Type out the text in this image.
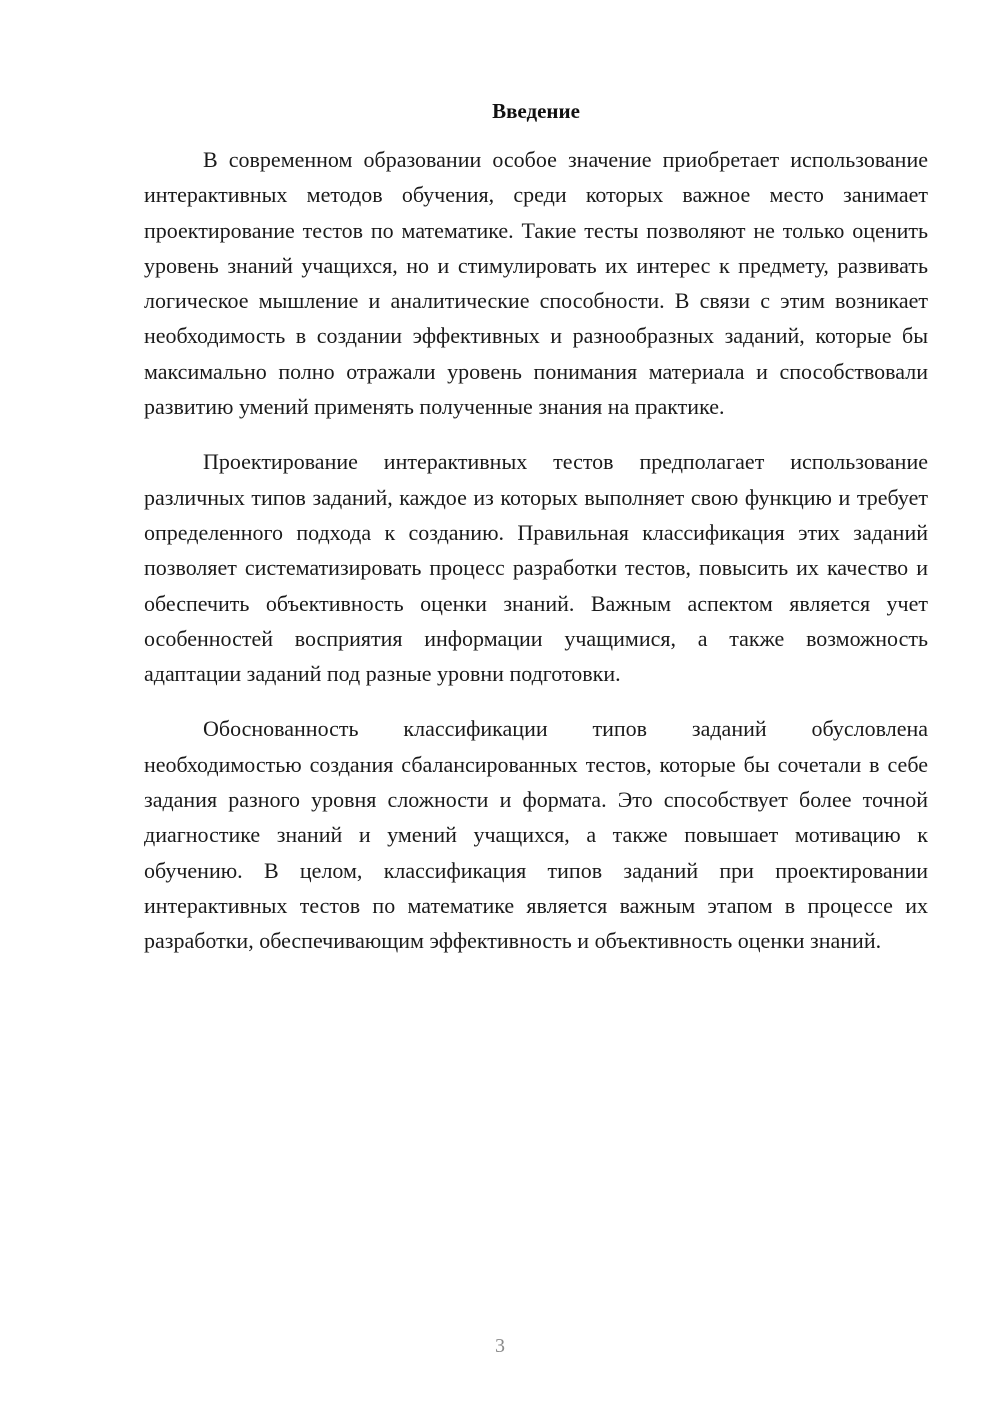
Введение

В современном образовании особое значение приобретает использование интерактивных методов обучения, среди которых важное место занимает проектирование тестов по математике. Такие тесты позволяют не только оценить уровень знаний учащихся, но и стимулировать их интерес к предмету, развивать логическое мышление и аналитические способности. В связи с этим возникает необходимость в создании эффективных и разнообразных заданий, которые бы максимально полно отражали уровень понимания материала и способствовали развитию умений применять полученные знания на практике.

Проектирование интерактивных тестов предполагает использование различных типов заданий, каждое из которых выполняет свою функцию и требует определенного подхода к созданию. Правильная классификация этих заданий позволяет систематизировать процесс разработки тестов, повысить их качество и обеспечить объективность оценки знаний. Важным аспектом является учет особенностей восприятия информации учащимися, а также возможность адаптации заданий под разные уровни подготовки.

Обоснованность классификации типов заданий обусловлена необходимостью создания сбалансированных тестов, которые бы сочетали в себе задания разного уровня сложности и формата. Это способствует более точной диагностике знаний и умений учащихся, а также повышает мотивацию к обучению. В целом, классификация типов заданий при проектировании интерактивных тестов по математике является важным этапом в процессе их разработки, обеспечивающим эффективность и объективность оценки знаний.

3
